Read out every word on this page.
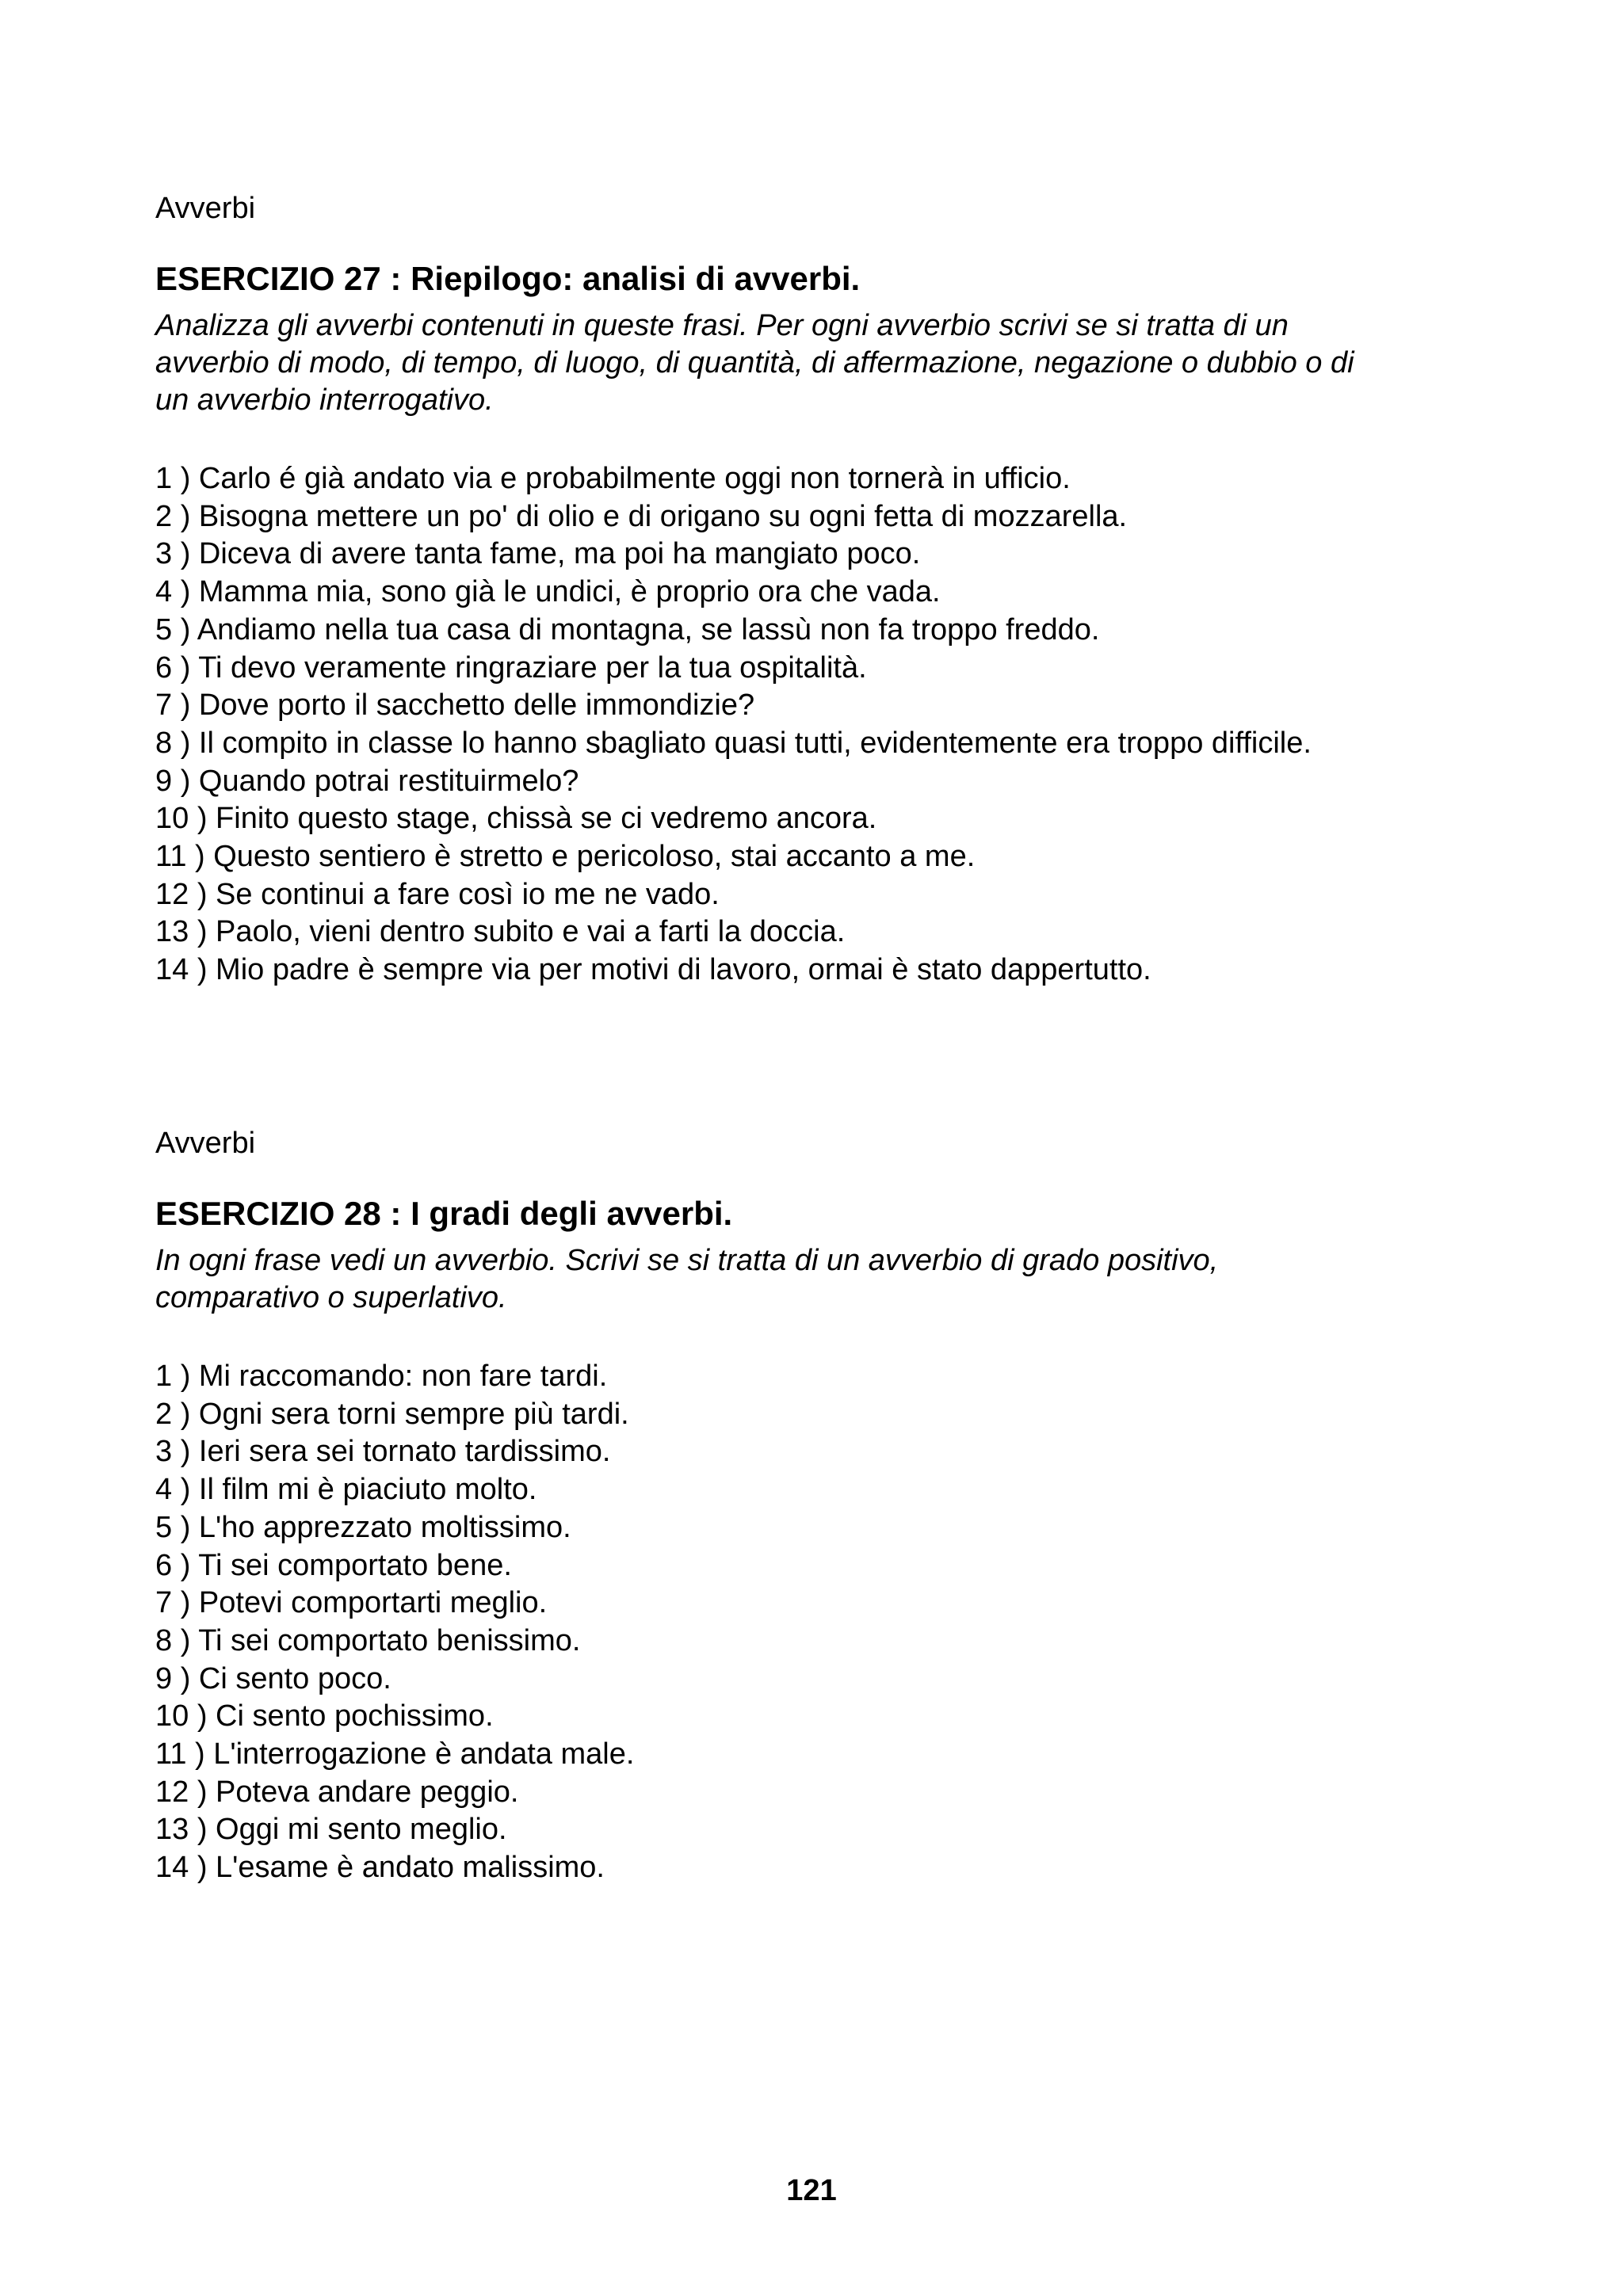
Avverbi

ESERCIZIO 27 : Riepilogo: analisi di avverbi.

Analizza gli avverbi contenuti in queste frasi. Per ogni avverbio scrivi se si tratta di un
avverbio di modo, di tempo, di luogo, di quantità, di affermazione, negazione o dubbio o di
un avverbio interrogativo.

1 ) Carlo é già andato via e probabilmente oggi non tornerà in ufficio.
2 ) Bisogna mettere un po' di olio e di origano su ogni fetta di mozzarella.
3 ) Diceva di avere tanta fame, ma poi ha mangiato poco.
4 ) Mamma mia, sono già le undici, è proprio ora che vada.
5 ) Andiamo nella tua casa di montagna, se lassù non fa troppo freddo.
6 ) Ti devo veramente ringraziare per la tua ospitalità.
7 ) Dove porto il sacchetto delle immondizie?
8 ) Il compito in classe lo hanno sbagliato quasi tutti, evidentemente era troppo difficile.
9 ) Quando potrai restituirmelo?
10 ) Finito questo stage, chissà se ci vedremo ancora.
11 ) Questo sentiero è stretto e pericoloso, stai accanto a me.
12 ) Se continui a fare così io me ne vado.
13 ) Paolo, vieni dentro subito e vai a farti la doccia.
14 ) Mio padre è sempre via per motivi di lavoro, ormai è stato dappertutto.

Avverbi

ESERCIZIO 28 : I gradi degli avverbi.

In ogni frase vedi un avverbio. Scrivi se si tratta di un avverbio di grado positivo,
comparativo o superlativo.

1 ) Mi raccomando: non fare tardi.
2 ) Ogni sera torni sempre più tardi.
3 ) Ieri sera sei tornato tardissimo.
4 ) Il film mi è piaciuto molto.
5 ) L'ho apprezzato moltissimo.
6 ) Ti sei comportato bene.
7 ) Potevi comportarti meglio.
8 ) Ti sei comportato benissimo.
9 ) Ci sento poco.
10 ) Ci sento pochissimo.
11 ) L'interrogazione è andata male.
12 ) Poteva andare peggio.
13 ) Oggi mi sento meglio.
14 ) L'esame è andato malissimo.
121
